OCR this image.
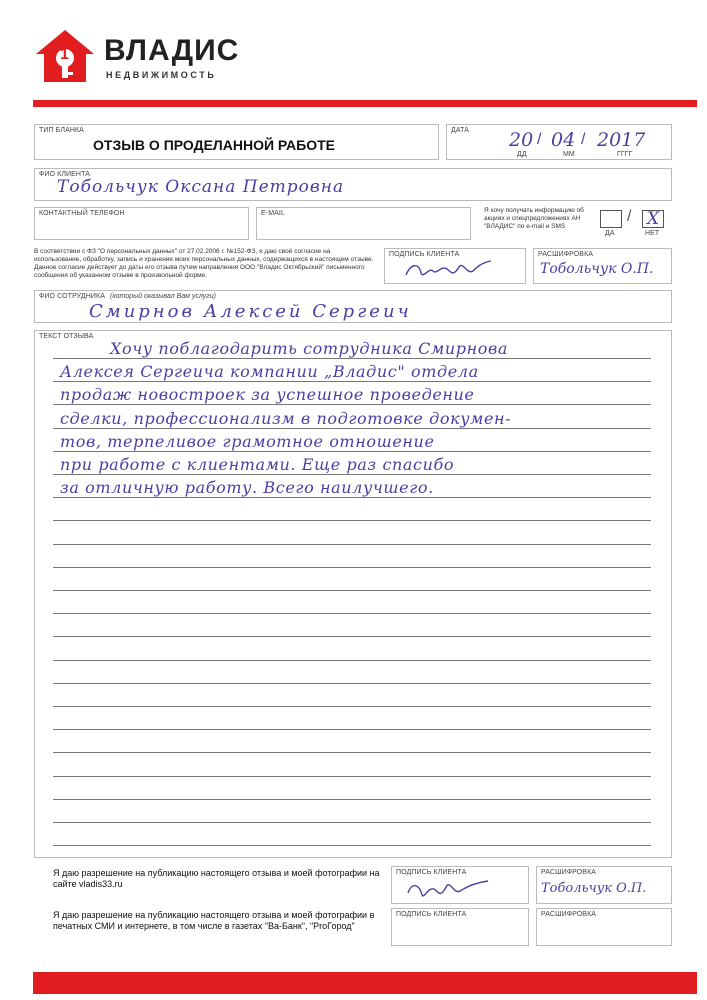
1 ВЛАДИС
НЕДВИЖИМОСТЬ
ТИП БЛАНКА
ОТЗЫВ О ПРОДЕЛАННОЙ РАБОТЕ
ДАТА 20 / 04 / 2017
ДД	ММ	ГГГГ
ФИО КЛИЕНТА
Тобольчук Оксана Петровна
КОНТАКТНЫЙ ТЕЛЕФОН	E-MAIL	Я хочу получать информацию об акциях и спецпредложениях АН "ВЛАДИС" по e-mail и SMS
/ Х
ДА	НЕТ
В соответствии с ФЗ "О персональных данных" от 27.02.2006 г. №152-ФЗ, я даю своё согласие на использование, обработку, запись и хранение моих персональных данных, содержащихся в настоящем отзыве. Данное согласие действует до даты его отзыва путем направления ООО "Владис Октябрьский" письменного сообщения об указанном отзыве в произвольной форме.
ПОДПИСЬ КЛИЕНТА	РАСШИФРОВКА
Тобольчук О.П.
ФИО СОТРУДНИКА (который оказывал Вам услуги)
Смирнов Алексей Сергеич
ТЕКСТ ОТЗЫВА
Хочу поблагодарить сотрудника Смирнова
Алексея Сергеича компании „Владис" отдела
продаж новостроек за успешное проведение
сделки, профессионализм в подготовке докумен-
тов, терпеливое грамотное отношение
при работе с клиентами. Еще раз спасибо
за отличную работу. Всего наилучшего.
Я даю разрешение на публикацию настоящего отзыва и моей фотографии на сайте vladis33.ru
ПОДПИСЬ КЛИЕНТА	РАСШИФРОВКА
Тобольчук О.П.
Я даю разрешение на публикацию настоящего отзыва и моей фотографии в печатных СМИ и интернете, в том числе в газетах "Ва-Банк", "РroГород"
ПОДПИСЬ КЛИЕНТА	РАСШИФРОВКА
